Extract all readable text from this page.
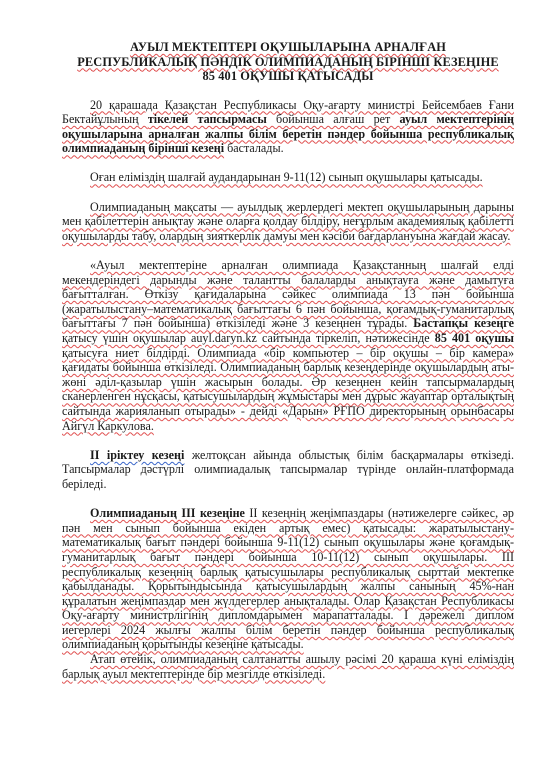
АУЫЛ МЕКТЕПТЕРІ ОҚУШЫЛАРЫНА АРНАЛҒАН
РЕСПУБЛИКАЛЫҚ ПӘНДІК ОЛИМПИАДАНЫҢ БІРІНШІ КЕЗЕҢІНЕ
85 401 ОҚУШЫ ҚАТЫСАДЫ

20 қарашада Қазақстан Республикасы Оқу-ағарту министрі Бейсембаев Ғани Бектайұлының тікелей тапсырмасы бойынша алғаш рет ауыл мектептерінің оқушыларына арналған жалпы білім беретін пәндер бойынша республикалық олимпиаданың бірінші кезеңі басталады.

Оған еліміздің шалғай аудандарынан 9-11(12) сынып оқушылары қатысады.

Олимпиаданың мақсаты — ауылдық жерлердегі мектеп оқушыларының дарыны мен қабілеттерін анықтау және оларға қолдау білдіру, неғұрлым академиялық қабілетті оқушыларды табу, олардың зияткерлік дамуы мен кәсіби бағдарлануына жағдай жасау.

«Ауыл мектептеріне арналған олимпиада Қазақстанның шалғай елді мекендеріндегі дарынды және талантты балаларды анықтауға және дамытуға бағытталған. Өткізу қағидаларына сәйкес олимпиада 13 пән бойынша (жаратылыстану–математикалық бағыттағы 6 пән бойынша, қоғамдық-гуманитарлық бағыттағы 7 пән бойынша) өткізіледі және 3 кезеңнен тұрады. Бастапқы кезеңге қатысу үшін оқушылар auyl.daryn.kz сайтында тіркеліп, нәтижесінде 85 401 оқушы қатысуға ниет білдірді. Олимпиада «бір компьютер – бір оқушы – бір камера» қағидаты бойынша өткізіледі. Олимпиаданың барлық кезеңдерінде оқушылардың аты-жөні әділ-қазылар үшін жасырын болады. Әр кезеңнен кейін тапсырмалардың сканерленген нұсқасы, қатысушылардың жұмыстары мен дұрыс жауаптар орталықтың сайтында жарияланып отырады» - дейді «Дарын» РҒПО директорының орынбасары Айгүл Каркулова.

ІІ іріктеу кезеңі желтоқсан айында облыстық білім басқармалары өткізеді. Тапсырмалар дәстүрлі олимпиадалық тапсырмалар түрінде онлайн-платформада беріледі.

Олимпиаданың ІІІ кезеңіне ІІ кезеңнің жеңімпаздары (нәтижелерге сәйкес, әр пән мен сынып бойынша екіден артық емес) қатысады: жаратылыстану-математикалық бағыт пәндері бойынша 9-11(12) сынып оқушылары және қоғамдық-гуманитарлық бағыт пәндері бойынша 10-11(12) сынып оқушылары. ІІІ республикалық кезеңнің барлық қатысушылары республикалық сырттай мектепке қабылданады. Қорытындысында қатысушылардың жалпы санының 45%-нан құралатын жеңімпаздар мен жүлдегерлер анықталады. Олар Қазақстан Республикасы Оқу-ағарту министрлігінің дипломдарымен марапатталады. І дәрежелі диплом иегерлері 2024 жылғы жалпы білім беретін пәндер бойынша республикалық олимпиаданың қорытынды кезеңіне қатысады.

Атап өтейік, олимпиаданың салтанатты ашылу рәсімі 20 қараша күні еліміздің барлық ауыл мектептерінде бір мезгілде өткізіледі.
